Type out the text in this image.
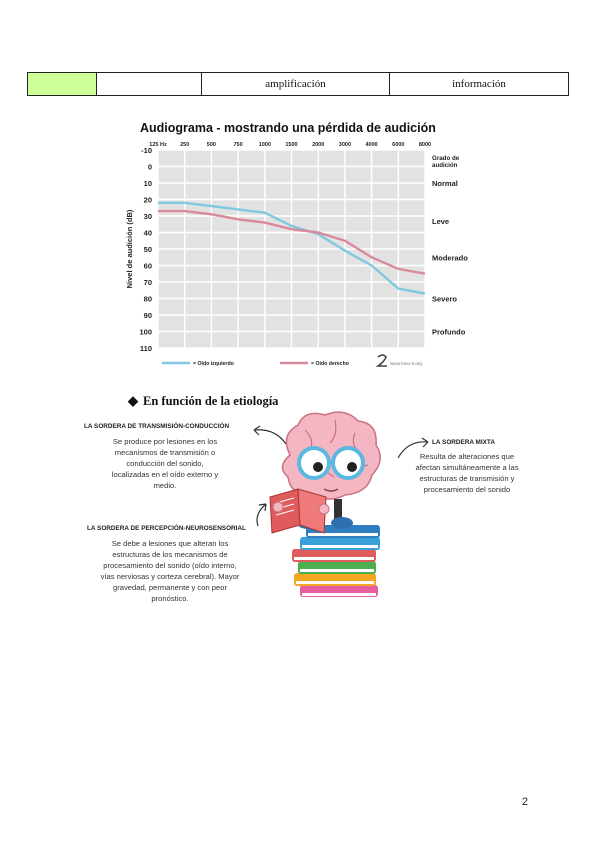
		amplificación	información
Audiograma - mostrando una pérdida de audición
-10
0
10
20
30
40
50
60
70
80
90
100
110
125 Hz 250	500	750	1000	1500	2000	3000	4000	6000	8000
Nivel de audición (dB)
Grado de
audición
Normal
Leve
Moderado
Severo
Profundo
= Oído izquierdo	= Oído derecho	www.hear-it.org
◆ En función de la etiología
LA SORDERA DE TRANSMISIÓN-CONDUCCIÓN
Se produce por lesiones en los
mecanismos de transmisión o
conducción del sonido,
localizadas en el oído externo y
medio.
LA SORDERA MIXTA
Resulta de alteraciones que
afectan simultáneamente a las
estructuras de transmisión y
procesamiento del sonido
LA SORDERA DE PERCEPCIÓN-NEUROSENSORIAL
Se debe a lesiones que alteran los
estructuras de los mecanismos de
procesamiento del sonido (oído interno,
vías nerviosas y corteza cerebral). Mayor
gravedad, permanente y con peor
pronóstico.
2
